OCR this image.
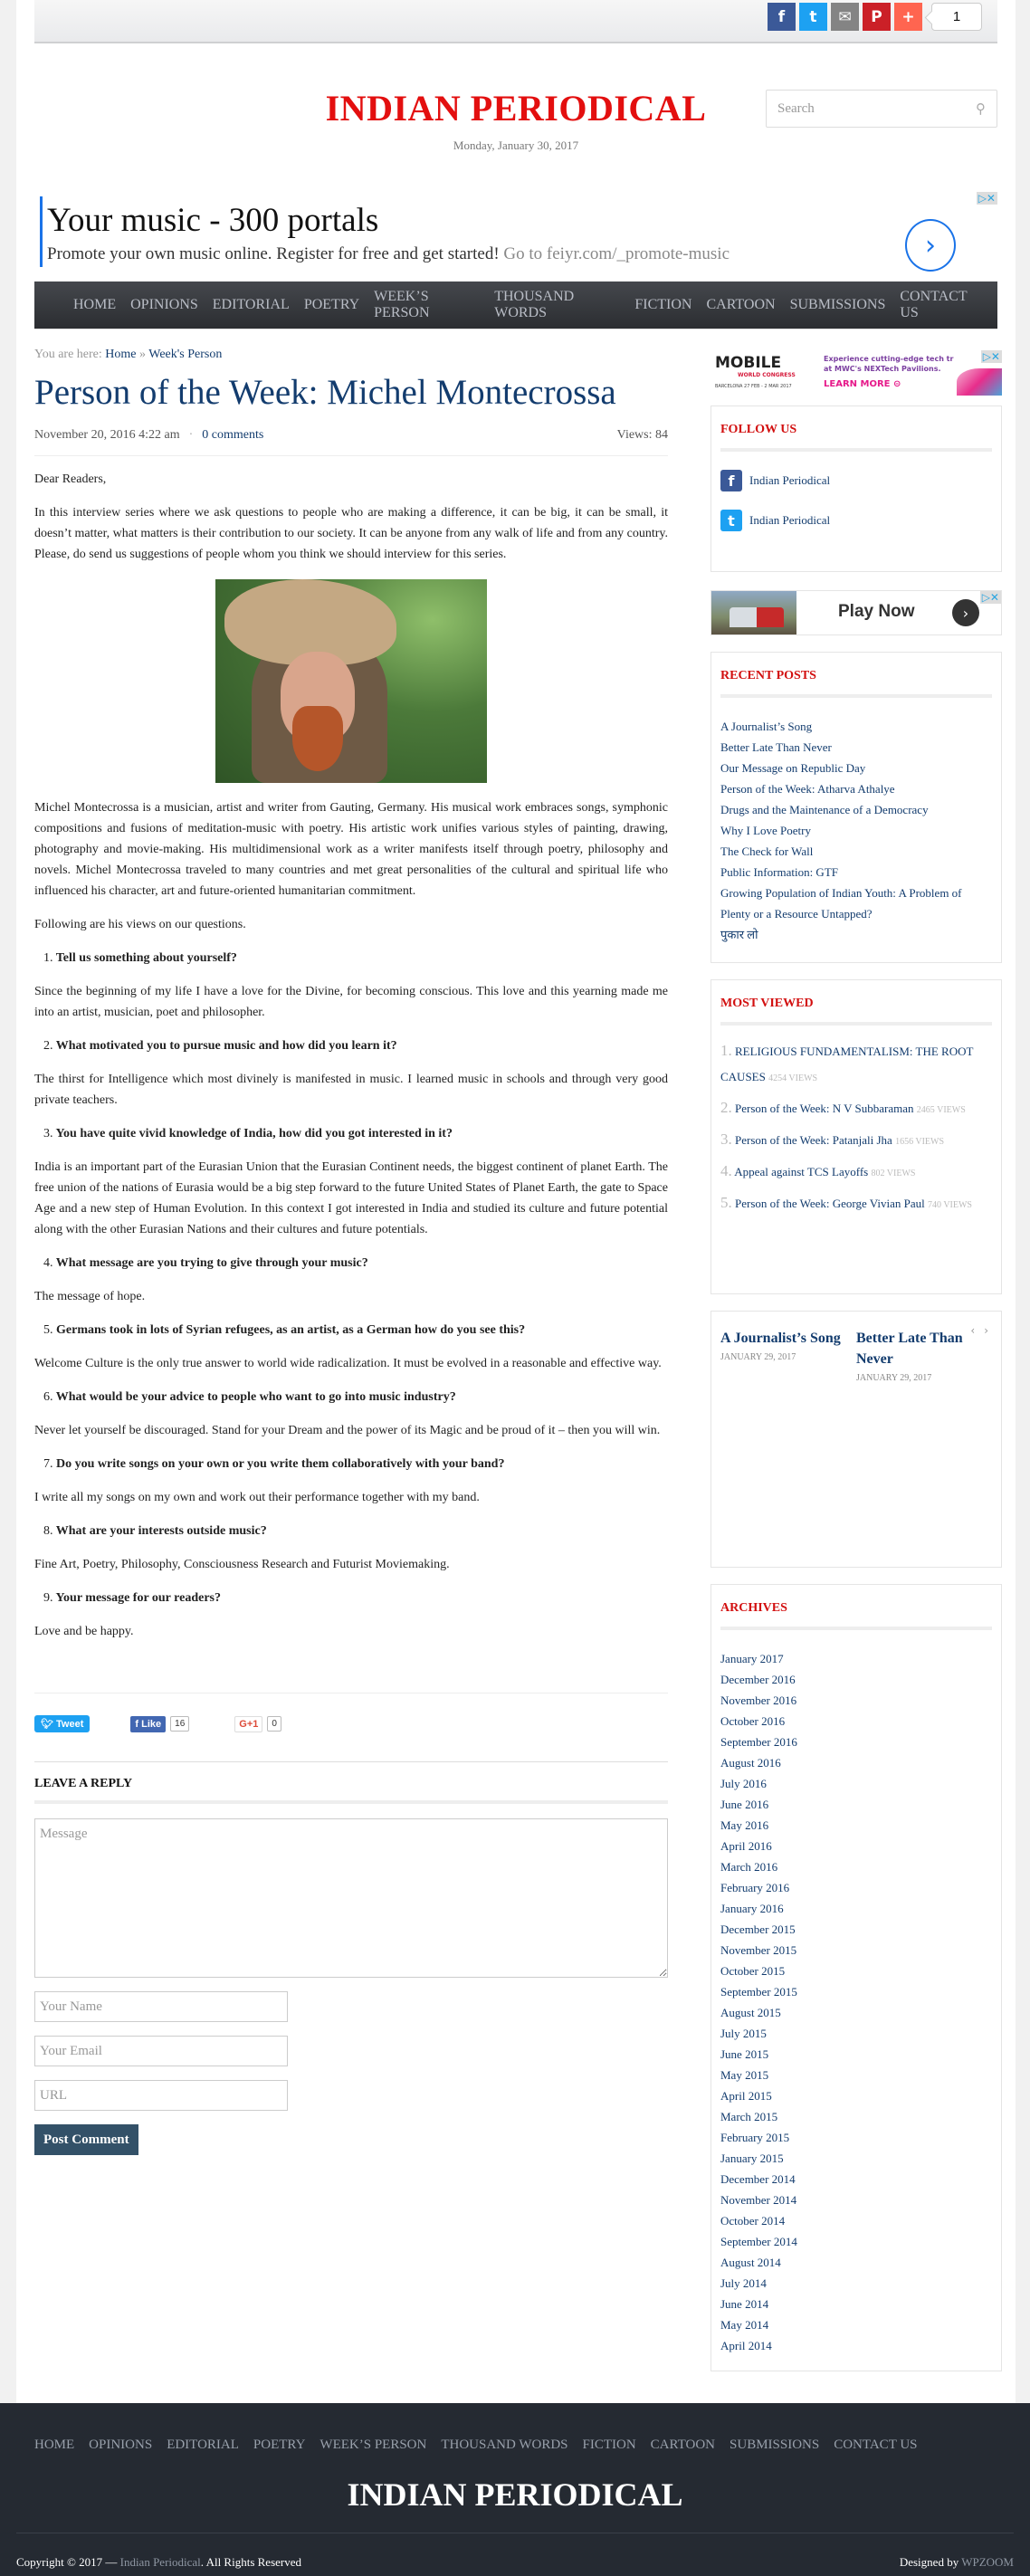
f	t	✉	P	+	1
INDIAN PERIODICAL
Monday, January 30, 2017
Search	⚲
Your music - 300 portals
Promote your own music online. Register for free and get started! Go to feiyr.com/_promote-music	›
▷✕
HOME OPINIONS EDITORIAL POETRY
WEEK’S PERSON
THOUSAND WORDS
FICTION CARTOON SUBMISSIONS
CONTACT US
You are here: Home » Week's Person
Person of the Week: Michel Montecrossa
November 20, 2016 4:22 am · 0 comments	Views: 84

Dear Readers,

In this interview series where we ask questions to people who are making a difference, it can be big, it can be small, it doesn’t matter, what matters is their contribution to our society. It can be anyone from any walk of life and from any country. Please, do send us suggestions of people whom you think we should interview for this series.

Michel Montecrossa is a musician, artist and writer from Gauting, Germany. His musical work embraces songs, symphonic compositions and fusions of meditation-music with poetry. His artistic work unifies various styles of painting, drawing, photography and movie-making. His multidimensional work as a writer manifests itself through poetry, philosophy and novels. Michel Montecrossa traveled to many countries and met great personalities of the cultural and spiritual life who influenced his character, art and future-oriented humanitarian commitment.

Following are his views on our questions.

1. Tell us something about yourself?

Since the beginning of my life I have a love for the Divine, for becoming conscious. This love and this yearning made me into an artist, musician, poet and philosopher.

2. What motivated you to pursue music and how did you learn it?

The thirst for Intelligence which most divinely is manifested in music. I learned music in schools and through very good private teachers.

3. You have quite vivid knowledge of India, how did you got interested in it?

India is an important part of the Eurasian Union that the Eurasian Continent needs, the biggest continent of planet Earth. The free union of the nations of Eurasia would be a big step forward to the future United States of Planet Earth, the gate to Space Age and a new step of Human Evolution. In this context I got interested in India and studied its culture and future potential along with the other Eurasian Nations and their cultures and future potentials.

4. What message are you trying to give through your music?

The message of hope.

5. Germans took in lots of Syrian refugees, as an artist, as a German how do you see this?

Welcome Culture is the only true answer to world wide radicalization. It must be evolved in a reasonable and effective way.

6. What would be your advice to people who want to go into music industry?

Never let yourself be discouraged. Stand for your Dream and the power of its Magic and be proud of it – then you will win.

7. Do you write songs on your own or you write them collaboratively with your band?

I write all my songs on my own and work out their performance together with my band.

8. What are your interests outside music?

Fine Art, Poetry, Philosophy, Consciousness Research and Futurist Moviemaking.

9. Your message for our readers?

Love and be happy.

🐦︎ Tweet	f Like	16	G+1	0
LEAVE A REPLY
Message
Your Name
Your Email
URL Post Comment
MOBILE
WORLD CONGRESS
BARCELONA 27 FEB - 2 MAR 2017
Experience cutting-edge tech tr
at MWC's NEXTech Pavilions.
LEARN MORE ⊝
▷✕
FOLLOW US
f	Indian Periodical
t	Indian Periodical
Play Now	›
▷✕
RECENT POSTS
A Journalist’s Song
Better Late Than Never
Our Message on Republic Day
Person of the Week: Atharva Athalye
Drugs and the Maintenance of a Democracy
Why I Love Poetry
The Check for Wall
Public Information: GTF
Growing Population of Indian Youth: A Problem of Plenty or a Resource Untapped?
पुकार लो
MOST VIEWED
1. RELIGIOUS FUNDAMENTALISM: THE ROOT CAUSES 4254 VIEWS
2. Person of the Week: N V Subbaraman 2465 VIEWS
3. Person of the Week: Patanjali Jha 1656 VIEWS
4. Appeal against TCS Layoffs 802 VIEWS
5. Person of the Week: George Vivian Paul 740 VIEWS
A Journalist’s Song
JANUARY 29, 2017
Better Late Than Never
JANUARY 29, 2017
‹›
ARCHIVES
January 2017
December 2016
November 2016
October 2016
September 2016
August 2016
July 2016
June 2016
May 2016
April 2016
March 2016
February 2016
January 2016
December 2015
November 2015
October 2015
September 2015
August 2015
July 2015
June 2015
May 2015
April 2015
March 2015
February 2015
January 2015
December 2014
November 2014
October 2014
September 2014
August 2014
July 2014
June 2014
May 2014
April 2014
HOME OPINIONS EDITORIAL POETRY WEEK’S PERSON THOUSAND WORDS FICTION CARTOON SUBMISSIONS CONTACT US
INDIAN PERIODICAL
Copyright © 2017 — Indian Periodical. All Rights Reserved	Designed by WPZOOM
